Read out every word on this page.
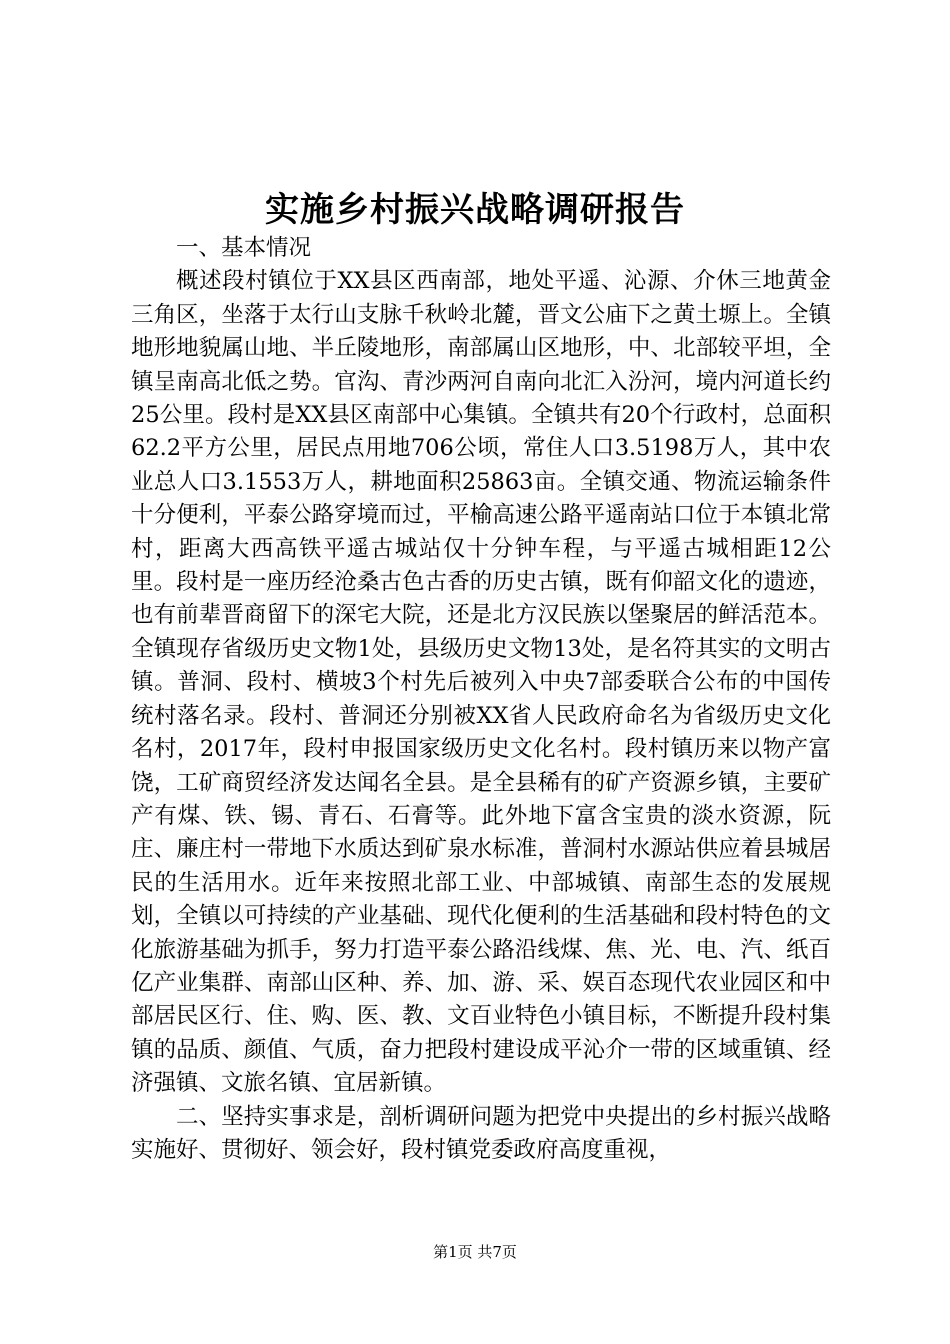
实施乡村振兴战略调研报告

一、基本情况

概述段村镇位于XX县区西南部，地处平遥、沁源、介休三地黄金三角区，坐落于太行山支脉千秋岭北麓，晋文公庙下之黄土塬上。全镇地形地貌属山地、半丘陵地形，南部属山区地形，中、北部较平坦，全镇呈南高北低之势。官沟、青沙两河自南向北汇入汾河，境内河道长约25公里。段村是XX县区南部中心集镇。全镇共有20个行政村，总面积62.2平方公里，居民点用地706公顷，常住人口3.5198万人，其中农业总人口3.1553万人，耕地面积25863亩。全镇交通、物流运输条件十分便利，平泰公路穿境而过，平榆高速公路平遥南站口位于本镇北常村，距离大西高铁平遥古城站仅十分钟车程，与平遥古城相距12公里。段村是一座历经沧桑古色古香的历史古镇，既有仰韶文化的遗迹，也有前辈晋商留下的深宅大院，还是北方汉民族以堡聚居的鲜活范本。全镇现存省级历史文物1处，县级历史文物13处，是名符其实的文明古镇。普洞、段村、横坡3个村先后被列入中央7部委联合公布的中国传统村落名录。段村、普洞还分别被XX省人民政府命名为省级历史文化名村，2017年，段村申报国家级历史文化名村。段村镇历来以物产富饶，工矿商贸经济发达闻名全县。是全县稀有的矿产资源乡镇，主要矿产有煤、铁、锡、青石、石膏等。此外地下富含宝贵的淡水资源，阮庄、廉庄村一带地下水质达到矿泉水标准，普洞村水源站供应着县城居民的生活用水。近年来按照北部工业、中部城镇、南部生态的发展规划，全镇以可持续的产业基础、现代化便利的生活基础和段村特色的文化旅游基础为抓手，努力打造平泰公路沿线煤、焦、光、电、汽、纸百亿产业集群、南部山区种、养、加、游、采、娱百态现代农业园区和中部居民区行、住、购、医、教、文百业特色小镇目标，不断提升段村集镇的品质、颜值、气质，奋力把段村建设成平沁介一带的区域重镇、经济强镇、文旅名镇、宜居新镇。

二、坚持实事求是，剖析调研问题为把党中央提出的乡村振兴战略实施好、贯彻好、领会好，段村镇党委政府高度重视，

第1页 共7页
